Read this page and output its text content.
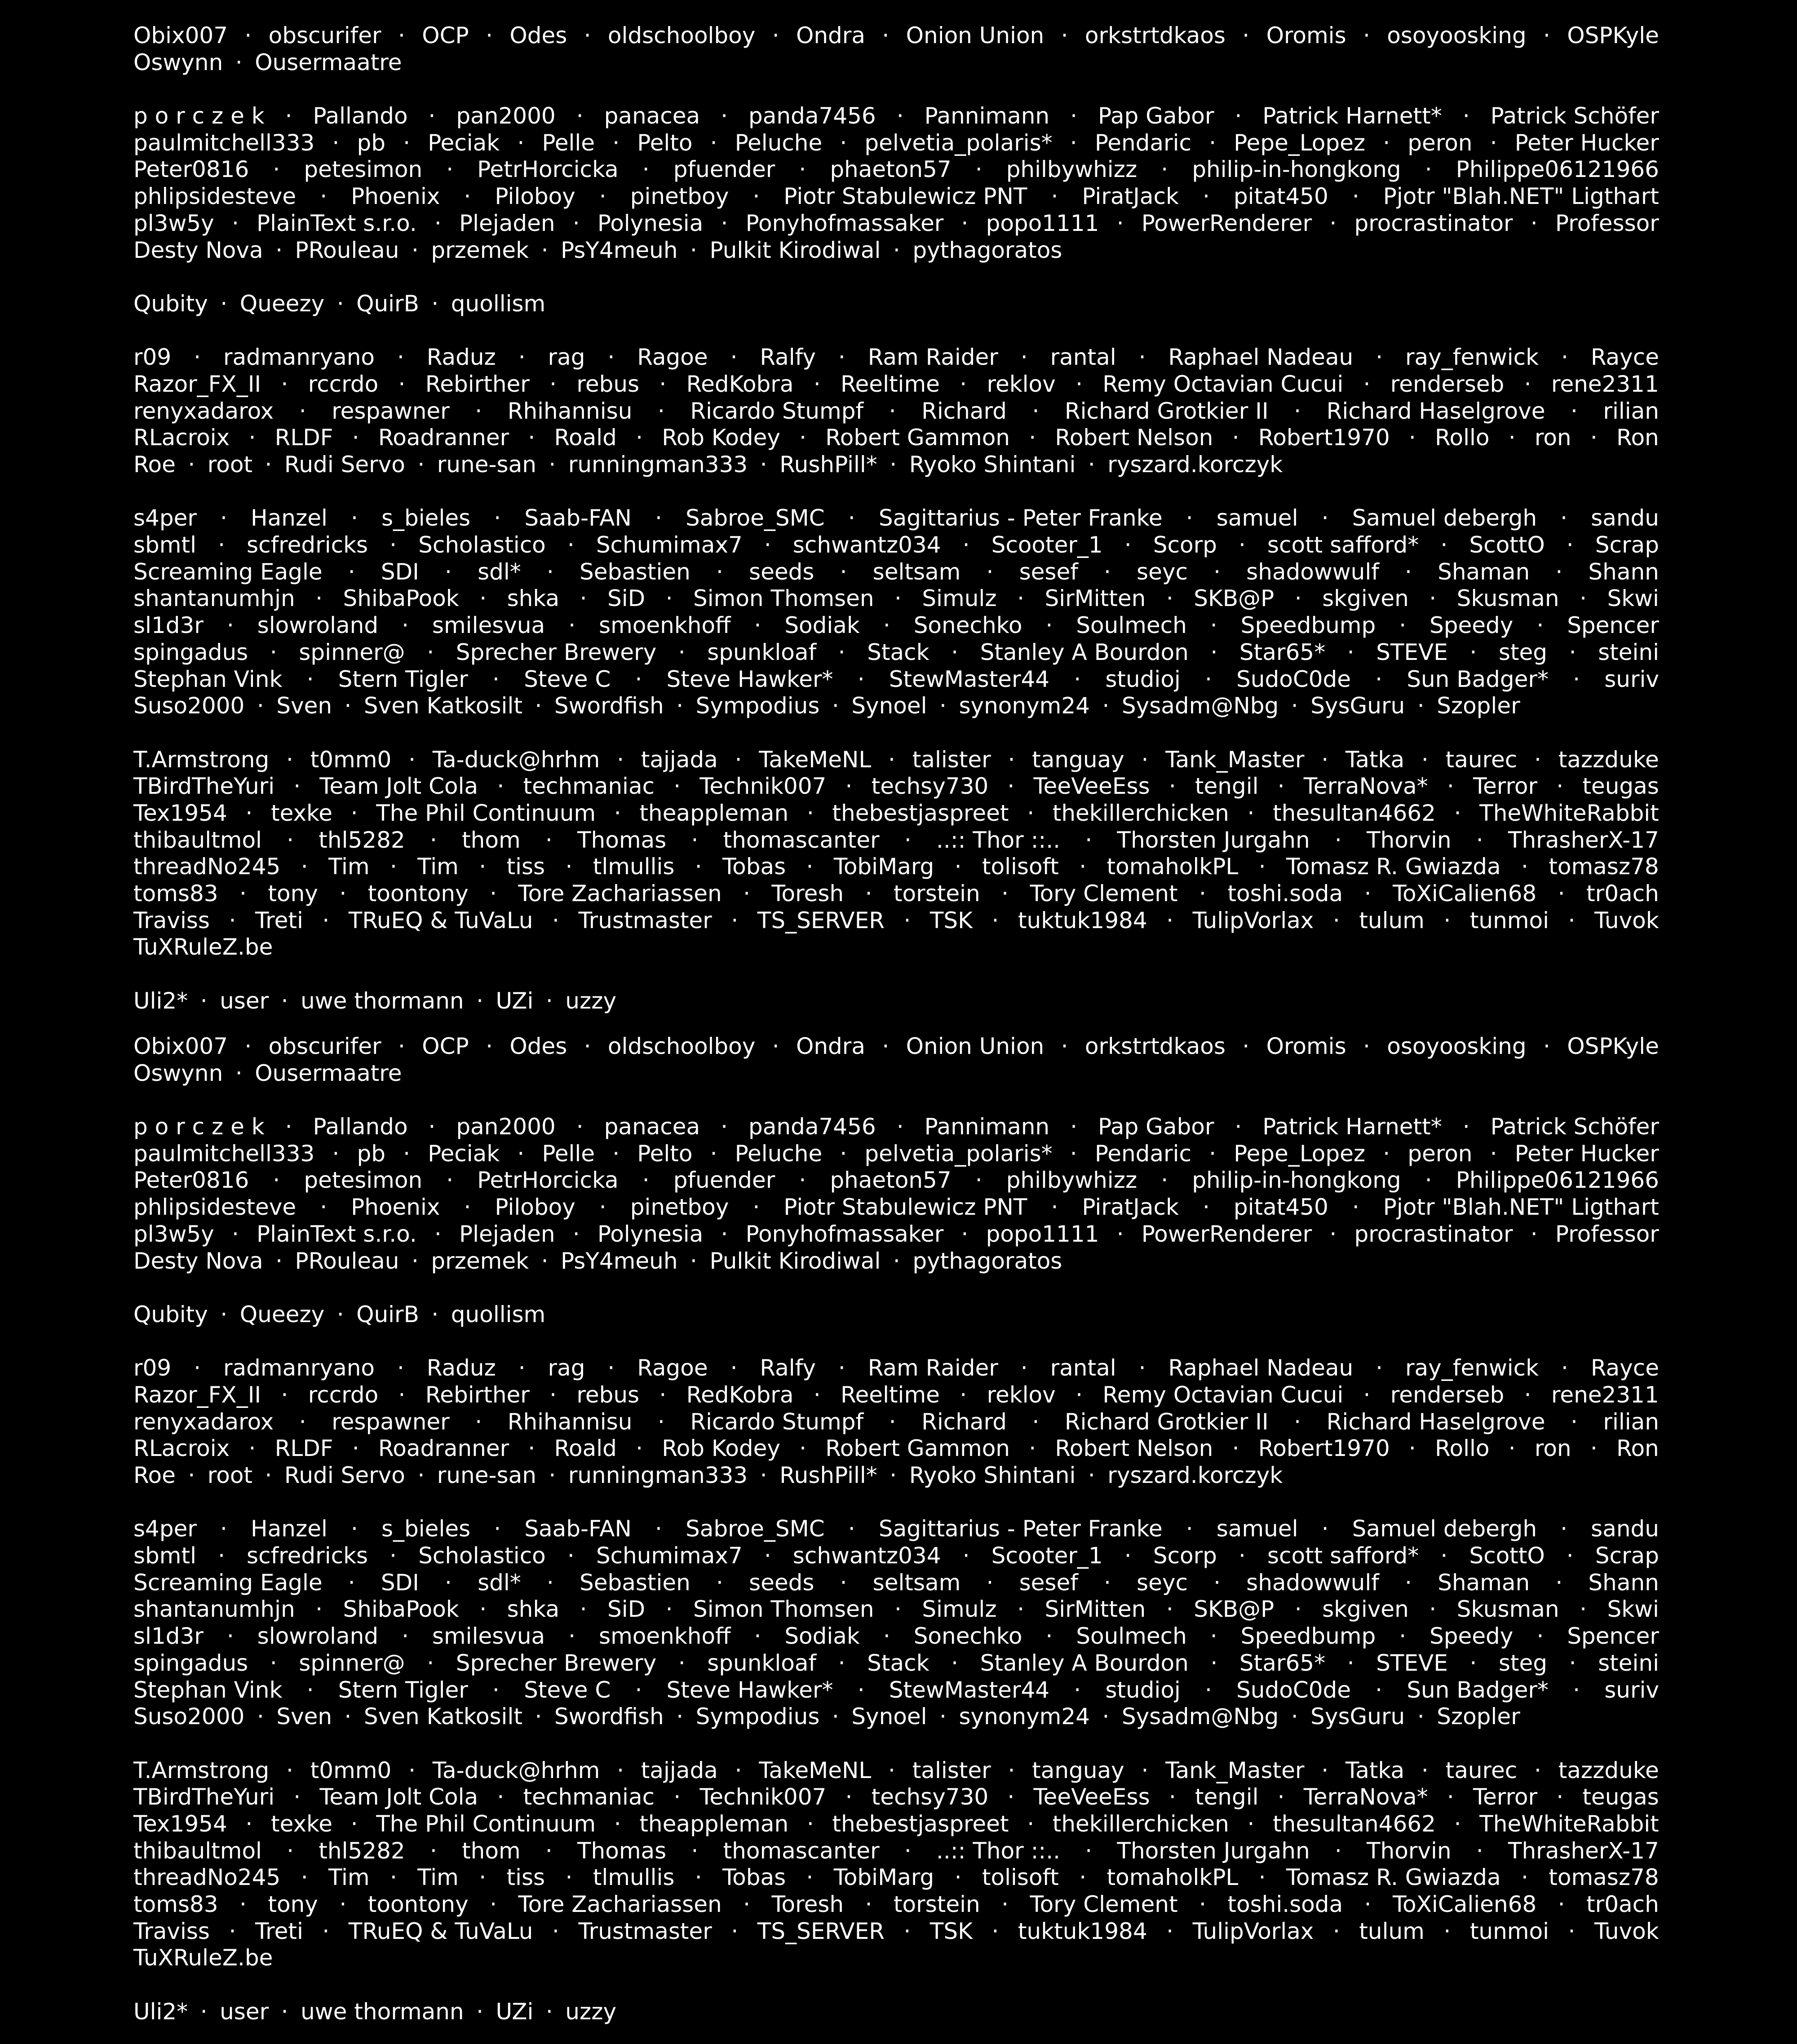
Obix007 · obscurifer · OCP · Odes · oldschoolboy · Ondra · Onion Union · orkstrtdkaos · Oromis · osoyoosking · OSPKyle
Oswynn · Ousermaatre
p o r c z e k · Pallando · pan2000 · panacea · panda7456 · Pannimann · Pap Gabor · Patrick Harnett* · Patrick Schöfer
paulmitchell333 · pb · Peciak · Pelle · Pelto · Peluche · pelvetia_polaris* · Pendaric · Pepe_Lopez · peron · Peter Hucker
Peter0816 · petesimon · PetrHorcicka · pfuender · phaeton57 · philbywhizz · philip-in-hongkong · Philippe06121966
phlipsidesteve · Phoenix · Piloboy · pinetboy · Piotr Stabulewicz PNT · PiratJack · pitat450 · Pjotr "Blah.NET" Ligthart
pl3w5y · PlainText s.r.o. · Plejaden · Polynesia · Ponyhofmassaker · popo1111 · PowerRenderer · procrastinator · Professor
Desty Nova · PRouleau · przemek · PsY4meuh · Pulkit Kirodiwal · pythagoratos
Qubity · Queezy · QuirB · quollism
r09 · radmanryano · Raduz · rag · Ragoe · Ralfy · Ram Raider · rantal · Raphael Nadeau · ray_fenwick · Rayce
Razor_FX_II · rccrdo · Rebirther · rebus · RedKobra · Reeltime · reklov · Remy Octavian Cucui · renderseb · rene2311
renyxadarox · respawner · Rhihannisu · Ricardo Stumpf · Richard · Richard Grotkier II · Richard Haselgrove · rilian
RLacroix · RLDF · Roadranner · Roald · Rob Kodey · Robert Gammon · Robert Nelson · Robert1970 · Rollo · ron · Ron
Roe · root · Rudi Servo · rune-san · runningman333 · RushPill* · Ryoko Shintani · ryszard.korczyk
s4per · Hanzel · s_bieles · Saab-FAN · Sabroe_SMC · Sagittarius - Peter Franke · samuel · Samuel debergh · sandu
sbmtl · scfredricks · Scholastico · Schumimax7 · schwantz034 · Scooter_1 · Scorp · scott safford* · ScottO · Scrap
Screaming Eagle · SDI · sdl* · Sebastien · seeds · seltsam · sesef · seyc · shadowwulf · Shaman · Shann
shantanumhjn · ShibaPook · shka · SiD · Simon Thomsen · Simulz · SirMitten · SKB@P · skgiven · Skusman · Skwi
sl1d3r · slowroland · smilesvua · smoenkhoff · Sodiak · Sonechko · Soulmech · Speedbump · Speedy · Spencer
spingadus · spinner@ · Sprecher Brewery · spunkloaf · Stack · Stanley A Bourdon · Star65* · STEVE · steg · steini
Stephan Vink · Stern Tigler · Steve C · Steve Hawker* · StewMaster44 · studioj · SudoC0de · Sun Badger* · suriv
Suso2000 · Sven · Sven Katkosilt · Swordfish · Sympodius · Synoel · synonym24 · Sysadm@Nbg · SysGuru · Szopler
T.Armstrong · t0mm0 · Ta-duck@hrhm · tajjada · TakeMeNL · talister · tanguay · Tank_Master · Tatka · taurec · tazzduke
TBirdTheYuri · Team Jolt Cola · techmaniac · Technik007 · techsy730 · TeeVeeEss · tengil · TerraNova* · Terror · teugas
Tex1954 · texke · The Phil Continuum · theappleman · thebestjaspreet · thekillerchicken · thesultan4662 · TheWhiteRabbit
thibaultmol · thl5282 · thom · Thomas · thomascanter · ..:: Thor ::.. · Thorsten Jurgahn · Thorvin · ThrasherX-17
threadNo245 · Tim · Tim · tiss · tlmullis · Tobas · TobiMarg · tolisoft · tomaholkPL · Tomasz R. Gwiazda · tomasz78
toms83 · tony · toontony · Tore Zachariassen · Toresh · torstein · Tory Clement · toshi.soda · ToXiCalien68 · tr0ach
Traviss · Treti · TRuEQ & TuVaLu · Trustmaster · TS_SERVER · TSK · tuktuk1984 · TulipVorlax · tulum · tunmoi · Tuvok
TuXRuleZ.be
Uli2* · user · uwe thormann · UZi · uzzy
Obix007 · obscurifer · OCP · Odes · oldschoolboy · Ondra · Onion Union · orkstrtdkaos · Oromis · osoyoosking · OSPKyle
Oswynn · Ousermaatre
p o r c z e k · Pallando · pan2000 · panacea · panda7456 · Pannimann · Pap Gabor · Patrick Harnett* · Patrick Schöfer
paulmitchell333 · pb · Peciak · Pelle · Pelto · Peluche · pelvetia_polaris* · Pendaric · Pepe_Lopez · peron · Peter Hucker
Peter0816 · petesimon · PetrHorcicka · pfuender · phaeton57 · philbywhizz · philip-in-hongkong · Philippe06121966
phlipsidesteve · Phoenix · Piloboy · pinetboy · Piotr Stabulewicz PNT · PiratJack · pitat450 · Pjotr "Blah.NET" Ligthart
pl3w5y · PlainText s.r.o. · Plejaden · Polynesia · Ponyhofmassaker · popo1111 · PowerRenderer · procrastinator · Professor
Desty Nova · PRouleau · przemek · PsY4meuh · Pulkit Kirodiwal · pythagoratos
Qubity · Queezy · QuirB · quollism
r09 · radmanryano · Raduz · rag · Ragoe · Ralfy · Ram Raider · rantal · Raphael Nadeau · ray_fenwick · Rayce
Razor_FX_II · rccrdo · Rebirther · rebus · RedKobra · Reeltime · reklov · Remy Octavian Cucui · renderseb · rene2311
renyxadarox · respawner · Rhihannisu · Ricardo Stumpf · Richard · Richard Grotkier II · Richard Haselgrove · rilian
RLacroix · RLDF · Roadranner · Roald · Rob Kodey · Robert Gammon · Robert Nelson · Robert1970 · Rollo · ron · Ron
Roe · root · Rudi Servo · rune-san · runningman333 · RushPill* · Ryoko Shintani · ryszard.korczyk
s4per · Hanzel · s_bieles · Saab-FAN · Sabroe_SMC · Sagittarius - Peter Franke · samuel · Samuel debergh · sandu
sbmtl · scfredricks · Scholastico · Schumimax7 · schwantz034 · Scooter_1 · Scorp · scott safford* · ScottO · Scrap
Screaming Eagle · SDI · sdl* · Sebastien · seeds · seltsam · sesef · seyc · shadowwulf · Shaman · Shann
shantanumhjn · ShibaPook · shka · SiD · Simon Thomsen · Simulz · SirMitten · SKB@P · skgiven · Skusman · Skwi
sl1d3r · slowroland · smilesvua · smoenkhoff · Sodiak · Sonechko · Soulmech · Speedbump · Speedy · Spencer
spingadus · spinner@ · Sprecher Brewery · spunkloaf · Stack · Stanley A Bourdon · Star65* · STEVE · steg · steini
Stephan Vink · Stern Tigler · Steve C · Steve Hawker* · StewMaster44 · studioj · SudoC0de · Sun Badger* · suriv
Suso2000 · Sven · Sven Katkosilt · Swordfish · Sympodius · Synoel · synonym24 · Sysadm@Nbg · SysGuru · Szopler
T.Armstrong · t0mm0 · Ta-duck@hrhm · tajjada · TakeMeNL · talister · tanguay · Tank_Master · Tatka · taurec · tazzduke
TBirdTheYuri · Team Jolt Cola · techmaniac · Technik007 · techsy730 · TeeVeeEss · tengil · TerraNova* · Terror · teugas
Tex1954 · texke · The Phil Continuum · theappleman · thebestjaspreet · thekillerchicken · thesultan4662 · TheWhiteRabbit
thibaultmol · thl5282 · thom · Thomas · thomascanter · ..:: Thor ::.. · Thorsten Jurgahn · Thorvin · ThrasherX-17
threadNo245 · Tim · Tim · tiss · tlmullis · Tobas · TobiMarg · tolisoft · tomaholkPL · Tomasz R. Gwiazda · tomasz78
toms83 · tony · toontony · Tore Zachariassen · Toresh · torstein · Tory Clement · toshi.soda · ToXiCalien68 · tr0ach
Traviss · Treti · TRuEQ & TuVaLu · Trustmaster · TS_SERVER · TSK · tuktuk1984 · TulipVorlax · tulum · tunmoi · Tuvok
TuXRuleZ.be
Uli2* · user · uwe thormann · UZi · uzzy
